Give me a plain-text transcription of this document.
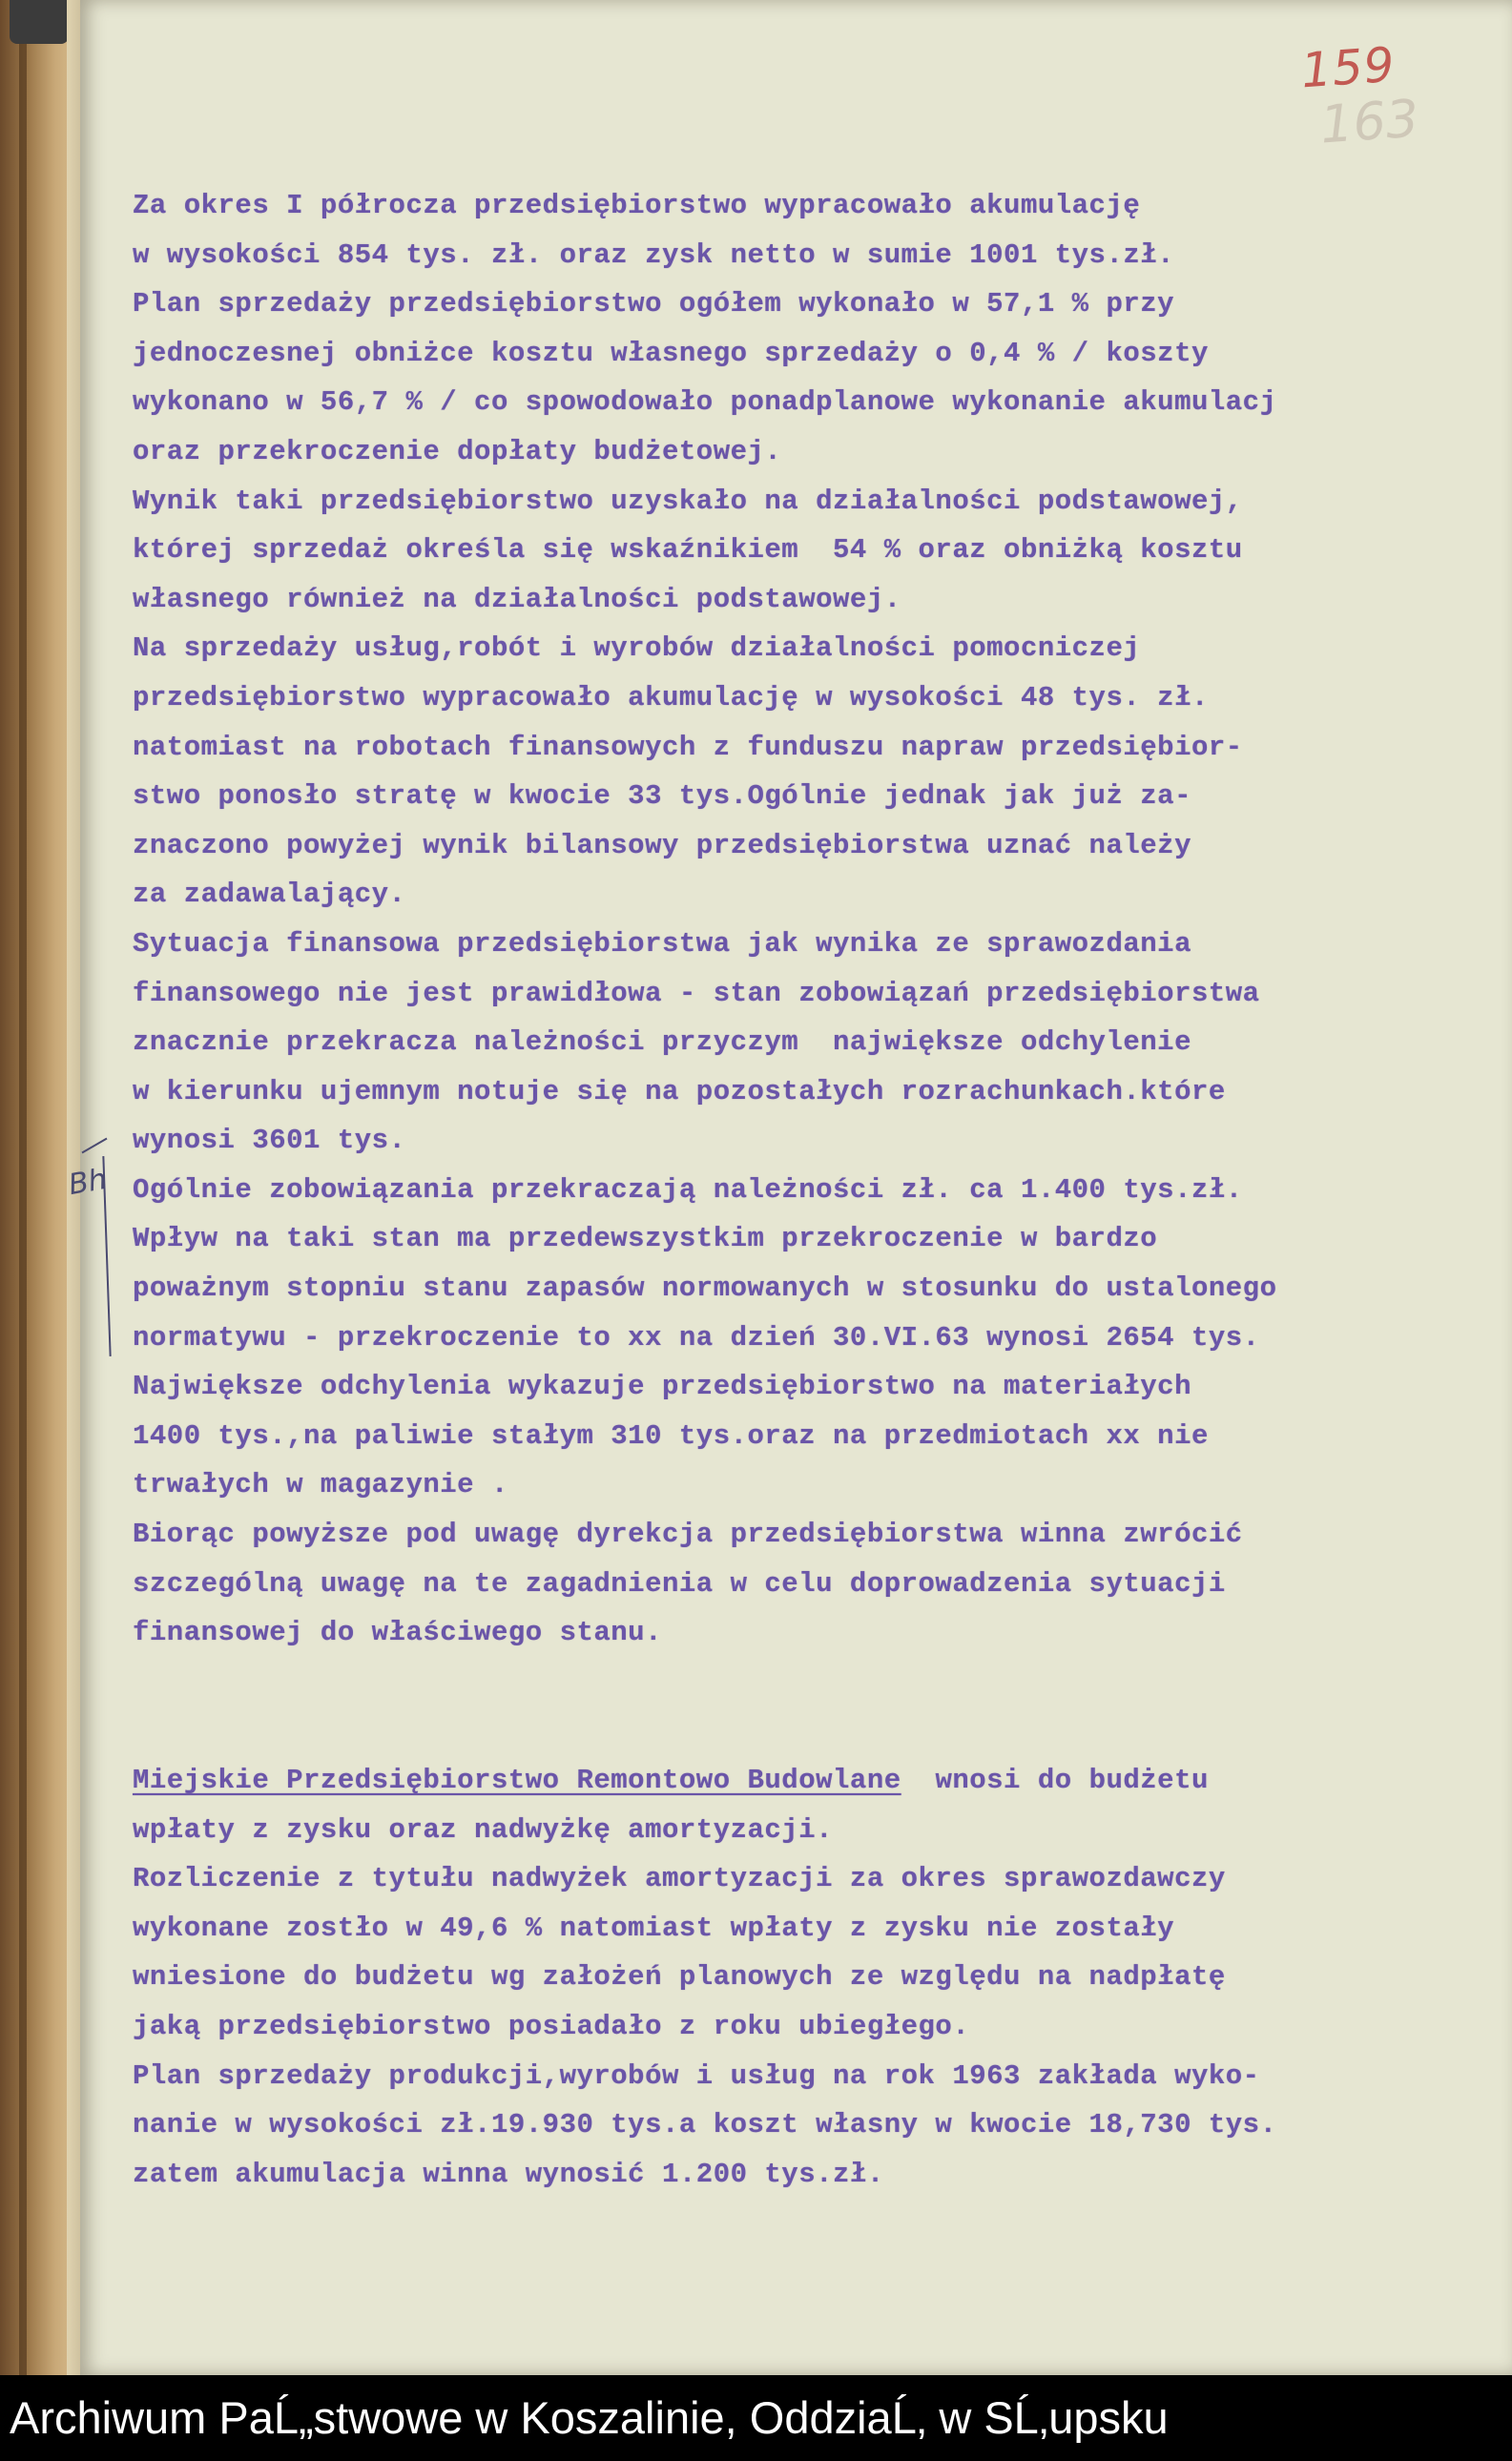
159
163
Bh
Za okres I półrocza przedsiębiorstwo wypracowało akumulację
w wysokości 854 tys. zł. oraz zysk netto w sumie 1001 tys.zł.
Plan sprzedaży przedsiębiorstwo ogółem wykonało w 57,1 % przy
jednoczesnej obniżce kosztu własnego sprzedaży o 0,4 % / koszty
wykonano w 56,7 % / co spowodowało ponadplanowe wykonanie akumulacj
oraz przekroczenie dopłaty budżetowej.
Wynik taki przedsiębiorstwo uzyskało na działalności podstawowej,
której sprzedaż określa się wskaźnikiem  54 % oraz obniżką kosztu
własnego również na działalności podstawowej.
Na sprzedaży usług,robót i wyrobów działalności pomocniczej
przedsiębiorstwo wypracowało akumulację w wysokości 48 tys. zł.
natomiast na robotach finansowych z funduszu napraw przedsiębior-
stwo ponosło stratę w kwocie 33 tys.Ogólnie jednak jak już za-
znaczono powyżej wynik bilansowy przedsiębiorstwa uznać należy
za zadawalający.
Sytuacja finansowa przedsiębiorstwa jak wynika ze sprawozdania
finansowego nie jest prawidłowa - stan zobowiązań przedsiębiorstwa
znacznie przekracza należności przyczym  największe odchylenie
w kierunku ujemnym notuje się na pozostałych rozrachunkach.które
wynosi 3601 tys.
Ogólnie zobowiązania przekraczają należności zł. ca 1.400 tys.zł.
Wpływ na taki stan ma przedewszystkim przekroczenie w bardzo
poważnym stopniu stanu zapasów normowanych w stosunku do ustalonego
normatywu - przekroczenie to xx na dzień 30.VI.63 wynosi 2654 tys.
Największe odchylenia wykazuje przedsiębiorstwo na materiałych
1400 tys.,na paliwie stałym 310 tys.oraz na przedmiotach xx nie
trwałych w magazynie .
Biorąc powyższe pod uwagę dyrekcja przedsiębiorstwa winna zwrócić
szczególną uwagę na te zagadnienia w celu doprowadzenia sytuacji
finansowej do właściwego stanu.
Miejskie Przedsiębiorstwo Remontowo Budowlane  wnosi do budżetu
wpłaty z zysku oraz nadwyżkę amortyzacji.
Rozliczenie z tytułu nadwyżek amortyzacji za okres sprawozdawczy
wykonane zostło w 49,6 % natomiast wpłaty z zysku nie zostały
wniesione do budżetu wg założeń planowych ze względu na nadpłatę
jaką przedsiębiorstwo posiadało z roku ubiegłego.
Plan sprzedaży produkcji,wyrobów i usług na rok 1963 zakłada wyko-
nanie w wysokości zł.19.930 tys.a koszt własny w kwocie 18,730 tys.
zatem akumulacja winna wynosić 1.200 tys.zł.
Archiwum PaĹ„stwowe w Koszalinie, OddziaĹ‚ w SĹ‚upsku
